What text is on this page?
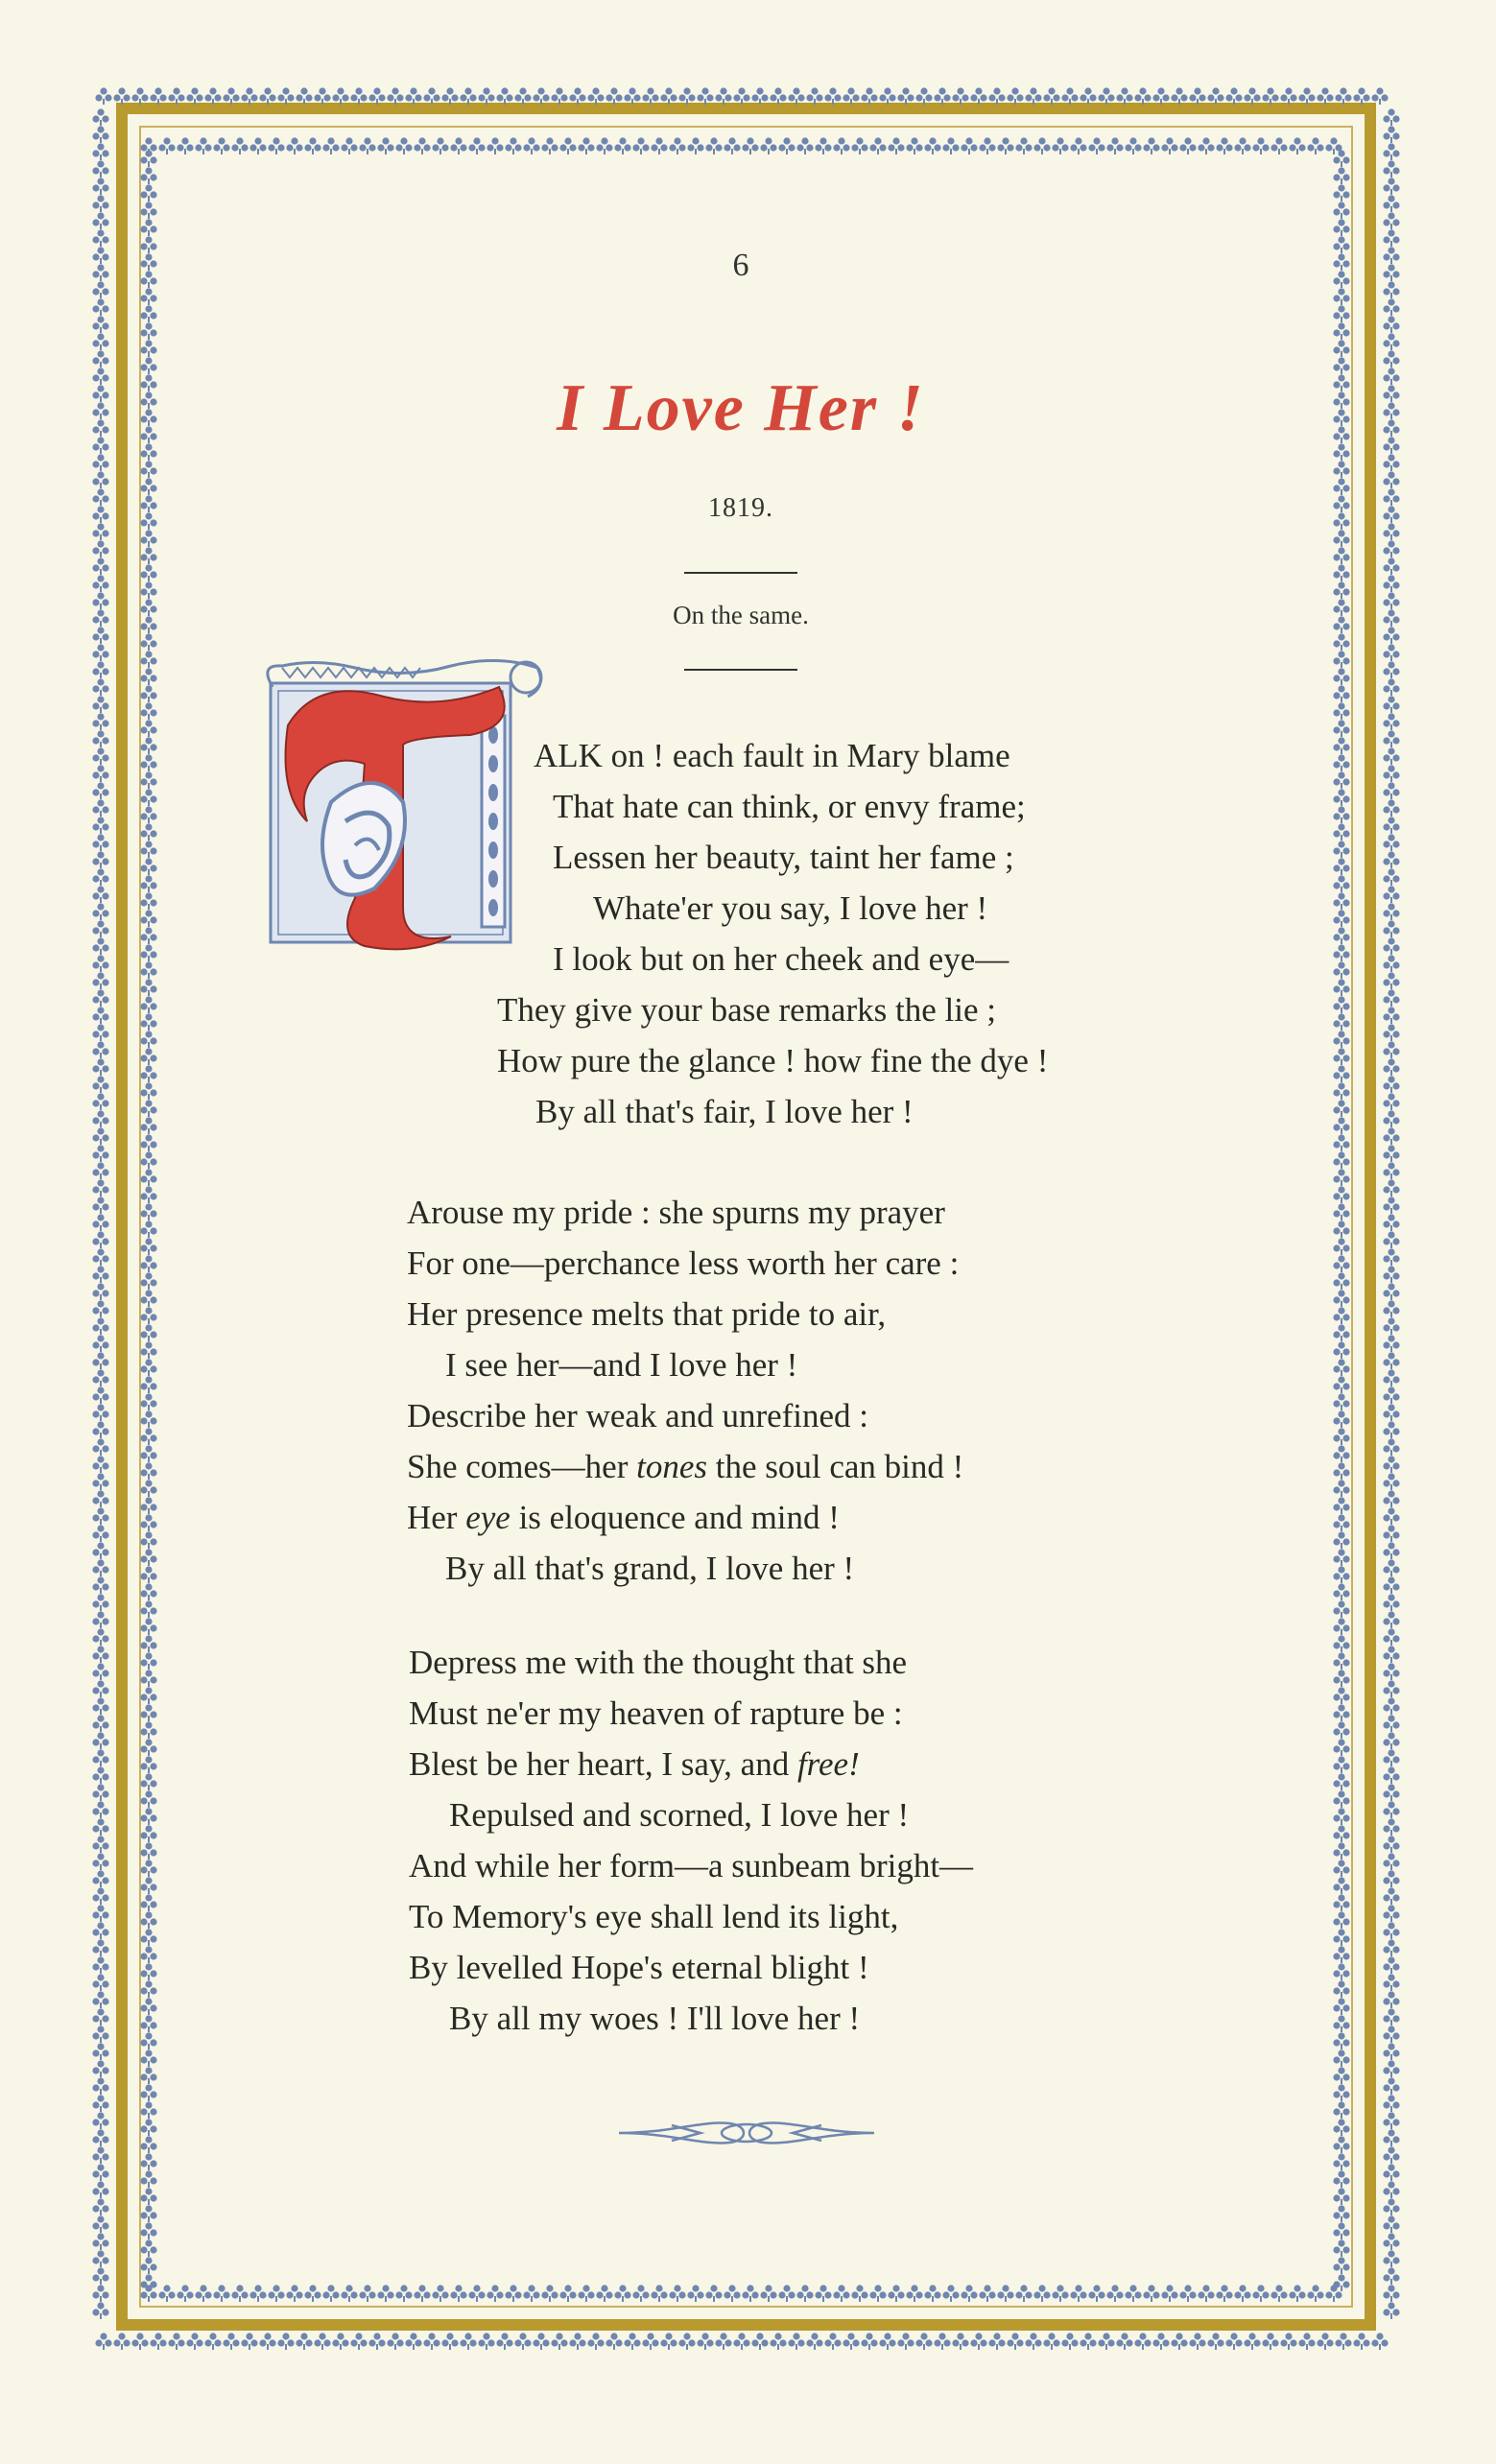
6
I Love Her !
1819.
On the same.
ALK on ! each fault in Mary blame
That hate can think, or envy frame;
Lessen her beauty, taint her fame ;
Whate'er you say, I love her !
I look but on her cheek and eye—
They give your base remarks the lie ;
How pure the glance ! how fine the dye !
By all that's fair, I love her !
Arouse my pride : she spurns my prayer
For one—perchance less worth her care :
Her presence melts that pride to air,
I see her—and I love her !
Describe her weak and unrefined :
She comes—her tones the soul can bind !
Her eye is eloquence and mind !
By all that's grand, I love her !
Depress me with the thought that she
Must ne'er my heaven of rapture be :
Blest be her heart, I say, and free!
Repulsed and scorned, I love her !
And while her form—a sunbeam bright—
To Memory's eye shall lend its light,
By levelled Hope's eternal blight !
By all my woes ! I'll love her !
